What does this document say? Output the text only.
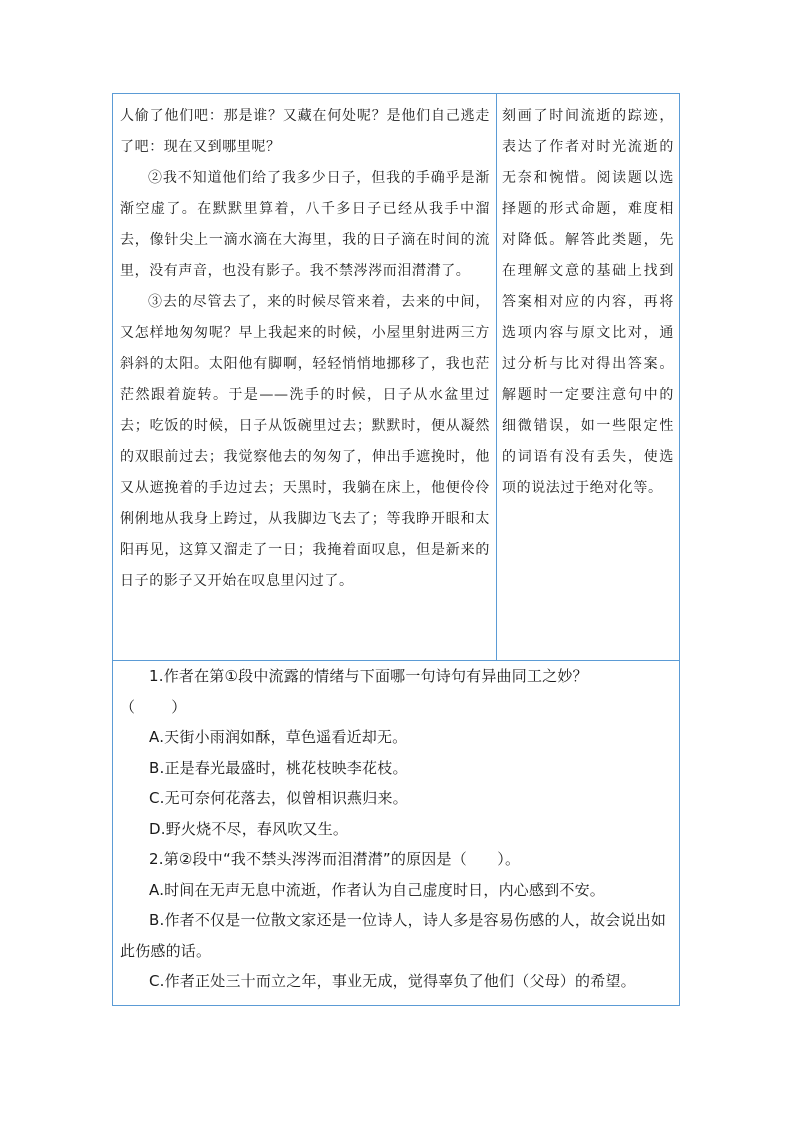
人偷了他们吧：那是谁？又藏在何处呢？是他们自己逃走了吧：现在又到哪里呢？

②我不知道他们给了我多少日子，但我的手确乎是渐渐空虚了。在默默里算着，八千多日子已经从我手中溜去，像针尖上一滴水滴在大海里，我的日子滴在时间的流里，没有声音，也没有影子。我不禁涔涔而泪潸潸了。

③去的尽管去了，来的时候尽管来着，去来的中间，又怎样地匆匆呢？早上我起来的时候，小屋里射进两三方斜斜的太阳。太阳他有脚啊，轻轻悄悄地挪移了，我也茫茫然跟着旋转。于是——洗手的时候，日子从水盆里过去；吃饭的时候，日子从饭碗里过去；默默时，便从凝然的双眼前过去；我觉察他去的匆匆了，伸出手遮挽时，他又从遮挽着的手边过去；天黑时，我躺在床上，他便伶伶俐俐地从我身上跨过，从我脚边飞去了；等我睁开眼和太阳再见，这算又溜走了一日；我掩着面叹息，但是新来的日子的影子又开始在叹息里闪过了。

刻画了时间流逝的踪迹，表达了作者对时光流逝的无奈和惋惜。阅读题以选择题的形式命题，难度相对降低。解答此类题，先在理解文意的基础上找到答案相对应的内容，再将选项内容与原文比对，通过分析与比对得出答案。解题时一定要注意句中的细微错误，如一些限定性的词语有没有丢失，使选项的说法过于绝对化等。

1.作者在第①段中流露的情绪与下面哪一句诗句有异曲同工之妙？

（ ）

A.天街小雨润如酥，草色遥看近却无。

B.正是春光最盛时，桃花枝映李花枝。

C.无可奈何花落去，似曾相识燕归来。

D.野火烧不尽，春风吹又生。

2.第②段中“我不禁头涔涔而泪潸潸”的原因是（　　）。

A.时间在无声无息中流逝，作者认为自己虚度时日，内心感到不安。

B.作者不仅是一位散文家还是一位诗人，诗人多是容易伤感的人，故会说出如此伤感的话。

C.作者正处三十而立之年，事业无成，觉得辜负了他们（父母）的希望。
